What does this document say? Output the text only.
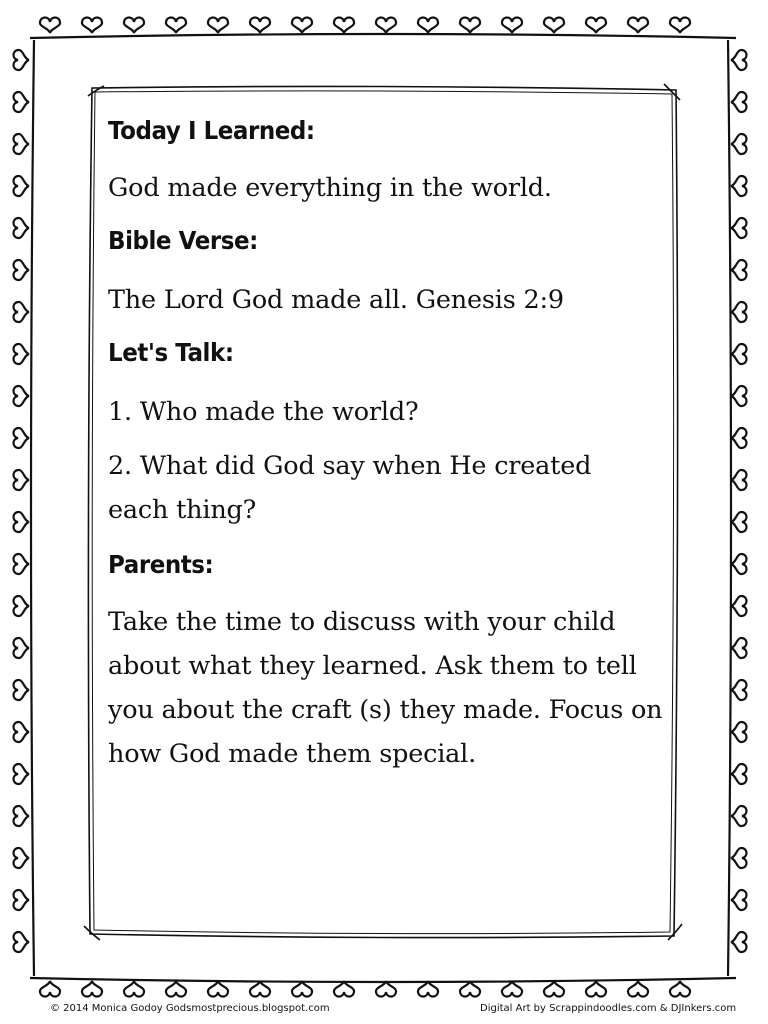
Today I Learned:

God made everything in the world.

Bible Verse:

The Lord God made all. Genesis 2:9

Let's Talk:

1. Who made the world?

2. What did God say when He created each thing?

Parents:

Take the time to discuss with your child about what they learned. Ask them to tell you about the craft (s) they made. Focus on how God made them special.

© 2014 Monica Godoy Godsmostprecious.blogspot.com	Digital Art by Scrappindoodles.com & DJInkers.com
